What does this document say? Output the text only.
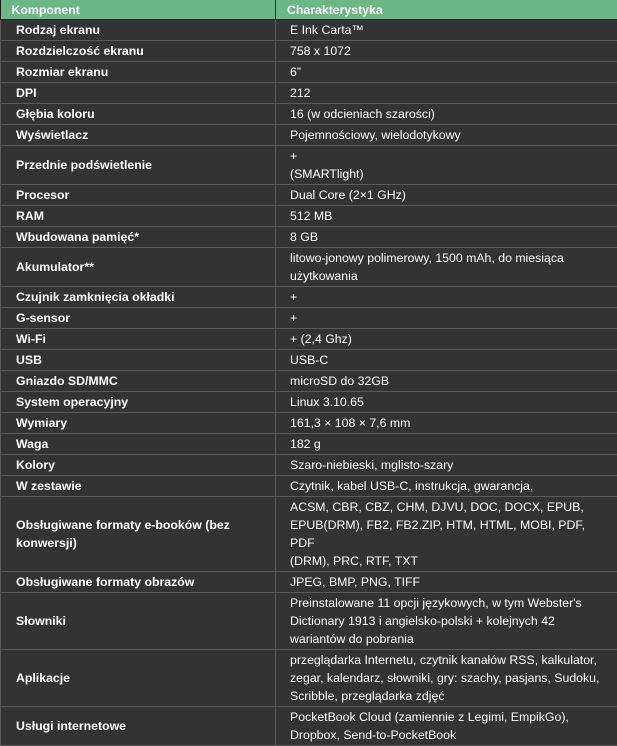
Komponent	Charakterystyka
Rodzaj ekranu	E Ink Carta™
Rozdzielczość ekranu	758 x 1072
Rozmiar ekranu	6”
DPI	212
Głębia koloru	16 (w odcieniach szarości)
Wyświetlacz	Pojemnościowy, wielodotykowy
Przednie podświetlenie	+
(SMARTlight)
Procesor	Dual Core (2×1 GHz)
RAM	512 MB
Wbudowana pamięć*	8 GB
Akumulator**	litowo-jonowy polimerowy, 1500 mAh, do miesiąca
użytkowania
Czujnik zamknięcia okładki	+
G-sensor	+
Wi-Fi	+ (2,4 Ghz)
USB	USB-C
Gniazdo SD/MMC	microSD do 32GB
System operacyjny	Linux 3.10.65
Wymiary	161,3 × 108 × 7,6 mm
Waga	182 g
Kolory	Szaro-niebieski, mglisto-szary
W zestawie	Czytnik, kabel USB-C, instrukcja, gwarancja,
Obsługiwane formaty e-booków (bez
konwersji)	ACSM, CBR, CBZ, CHM, DJVU, DOC, DOCX, EPUB,
EPUB(DRM), FB2, FB2.ZIP, HTM, HTML, MOBI, PDF, PDF
(DRM), PRC, RTF, TXT
Obsługiwane formaty obrazów	JPEG, BMP, PNG, TIFF
Słowniki	Preinstalowane 11 opcji językowych, w tym Webster's
Dictionary 1913 i angielsko-polski + kolejnych 42
wariantów do pobrania
Aplikacje	przeglądarka Internetu, czytnik kanałów RSS, kalkulator,
zegar, kalendarz, słowniki, gry: szachy, pasjans, Sudoku,
Scribble, przeglądarka zdjęć
Usługi internetowe	PocketBook Cloud (zamiennie z Legimi, EmpikGo),
Dropbox, Send-to-PocketBook
